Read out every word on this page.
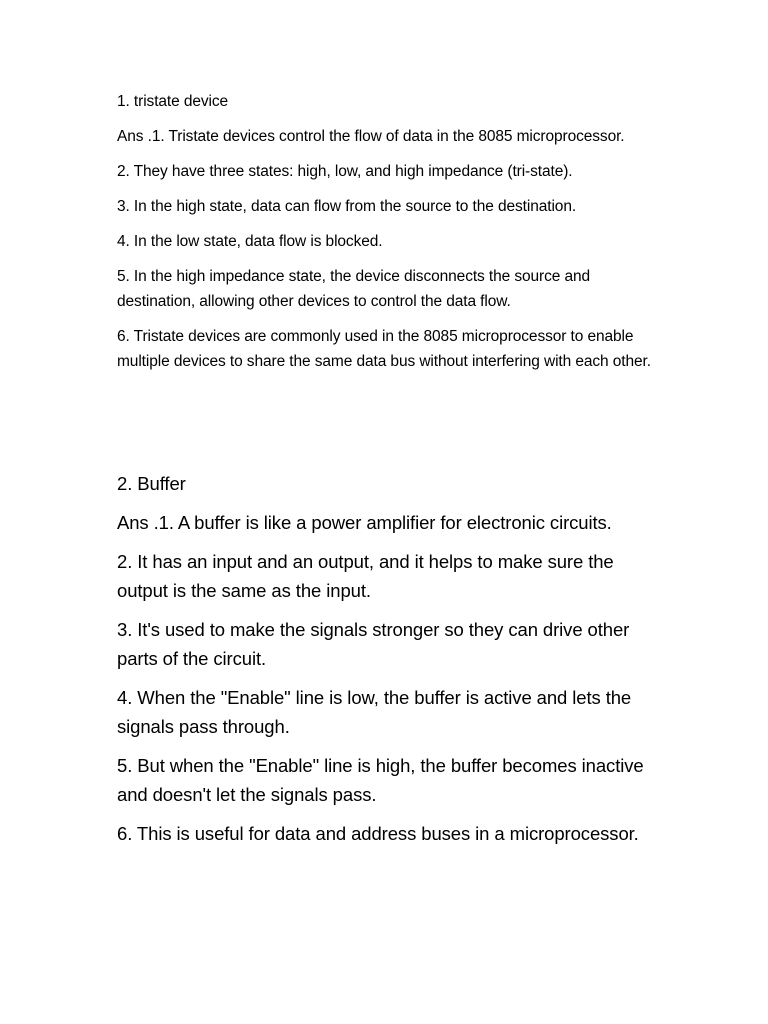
1. tristate device

Ans .1. Tristate devices control the flow of data in the 8085 microprocessor.

2. They have three states: high, low, and high impedance (tri-state).

3. In the high state, data can flow from the source to the destination.

4. In the low state, data flow is blocked.

5. In the high impedance state, the device disconnects the source and destination, allowing other devices to control the data flow.

6. Tristate devices are commonly used in the 8085 microprocessor to enable multiple devices to share the same data bus without interfering with each other.

2. Buffer

Ans .1. A buffer is like a power amplifier for electronic circuits.

2. It has an input and an output, and it helps to make sure the output is the same as the input.

3. It's used to make the signals stronger so they can drive other parts of the circuit.

4. When the "Enable" line is low, the buffer is active and lets the signals pass through.

5. But when the "Enable" line is high, the buffer becomes inactive and doesn't let the signals pass.

6. This is useful for data and address buses in a microprocessor.
